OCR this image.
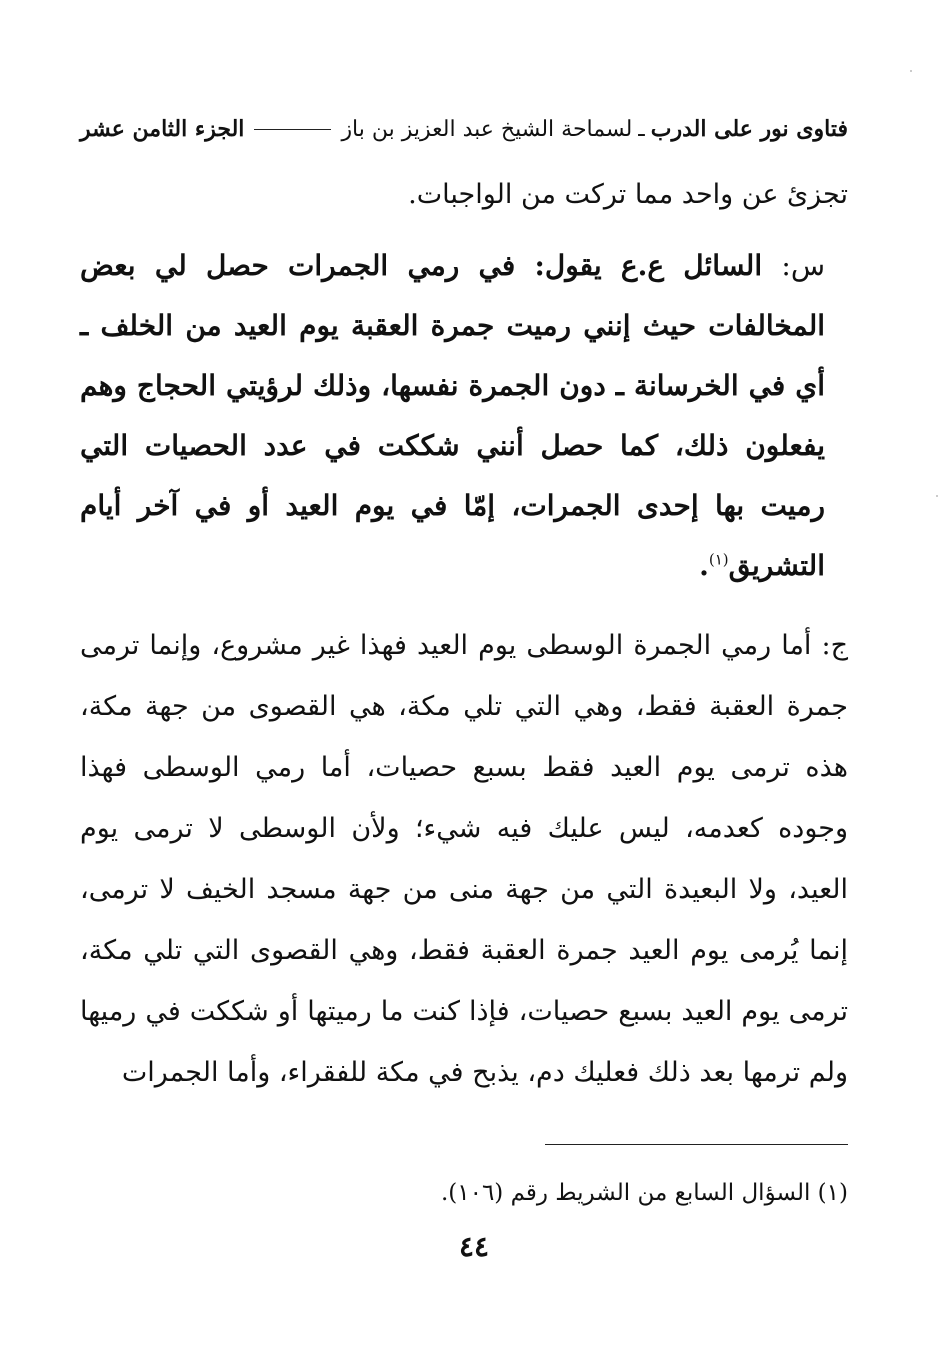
فتاوى نور على الدرب
ـ
لسماحة الشيخ عبد العزيز بن باز
الجزء الثامن عشر

تجزئ عن واحد مما تركت من الواجبات.

س: السائل ع.ع يقول: في رمي الجمرات حصل لي بعض المخالفات حيث إنني رميت جمرة العقبة يوم العيد من الخلف ـ أي في الخرسانة ـ دون الجمرة نفسها، وذلك لرؤيتي الحجاج وهم يفعلون ذلك، كما حصل أنني شككت في عدد الحصيات التي رميت بها إحدى الجمرات، إمّا في يوم العيد أو في آخر أيام التشريق$^{(١)}$.

ج: أما رمي الجمرة الوسطى يوم العيد فهذا غير مشروع، وإنما ترمى جمرة العقبة فقط، وهي التي تلي مكة، هي القصوى من جهة مكة، هذه ترمى يوم العيد فقط بسبع حصيات، أما رمي الوسطى فهذا وجوده كعدمه، ليس عليك فيه شيء؛ ولأن الوسطى لا ترمى يوم العيد، ولا البعيدة التي من جهة منى من جهة مسجد الخيف لا ترمى، إنما يُرمى يوم العيد جمرة العقبة فقط، وهي القصوى التي تلي مكة، ترمى يوم العيد بسبع حصيات، فإذا كنت ما رميتها أو شككت في رميها ولم ترمها بعد ذلك فعليك دم، يذبح في مكة للفقراء، وأما الجمرات

(١) السؤال السابع من الشريط رقم (١٠٦).
٤٤
